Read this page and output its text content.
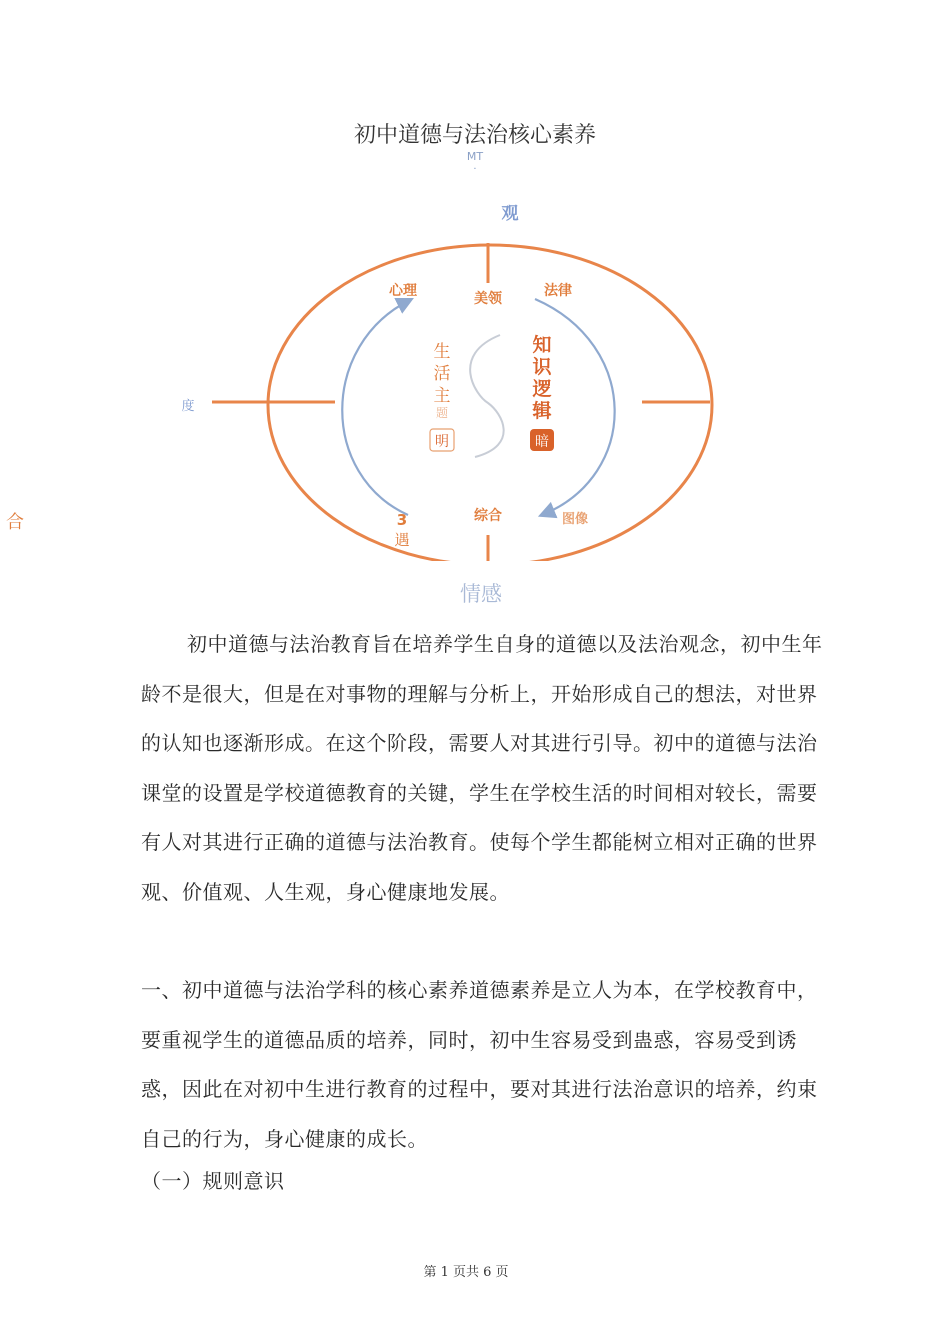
初中道德与法治核心素养
MT
·
合
观
度
心理	美领	法律
3
遇
综合	图像
生
活
主
题
知
识
逻
辑
明	暗
情感

初中道德与法治教育旨在培养学生自身的道德以及法治观念，初中生年龄不是很大，但是在对事物的理解与分析上，开始形成自己的想法，对世界的认知也逐渐形成。在这个阶段，需要人对其进行引导。初中的道德与法治课堂的设置是学校道德教育的关键，学生在学校生活的时间相对较长，需要有人对其进行正确的道德与法治教育。使每个学生都能树立相对正确的世界观、价值观、人生观，身心健康地发展。

一、初中道德与法治学科的核心素养道德素养是立人为本，在学校教育中，要重视学生的道德品质的培养，同时，初中生容易受到蛊惑，容易受到诱惑，因此在对初中生进行教育的过程中，要对其进行法治意识的培养，约束自己的行为，身心健康的成长。

（一）规则意识
第 1 页共 6 页
